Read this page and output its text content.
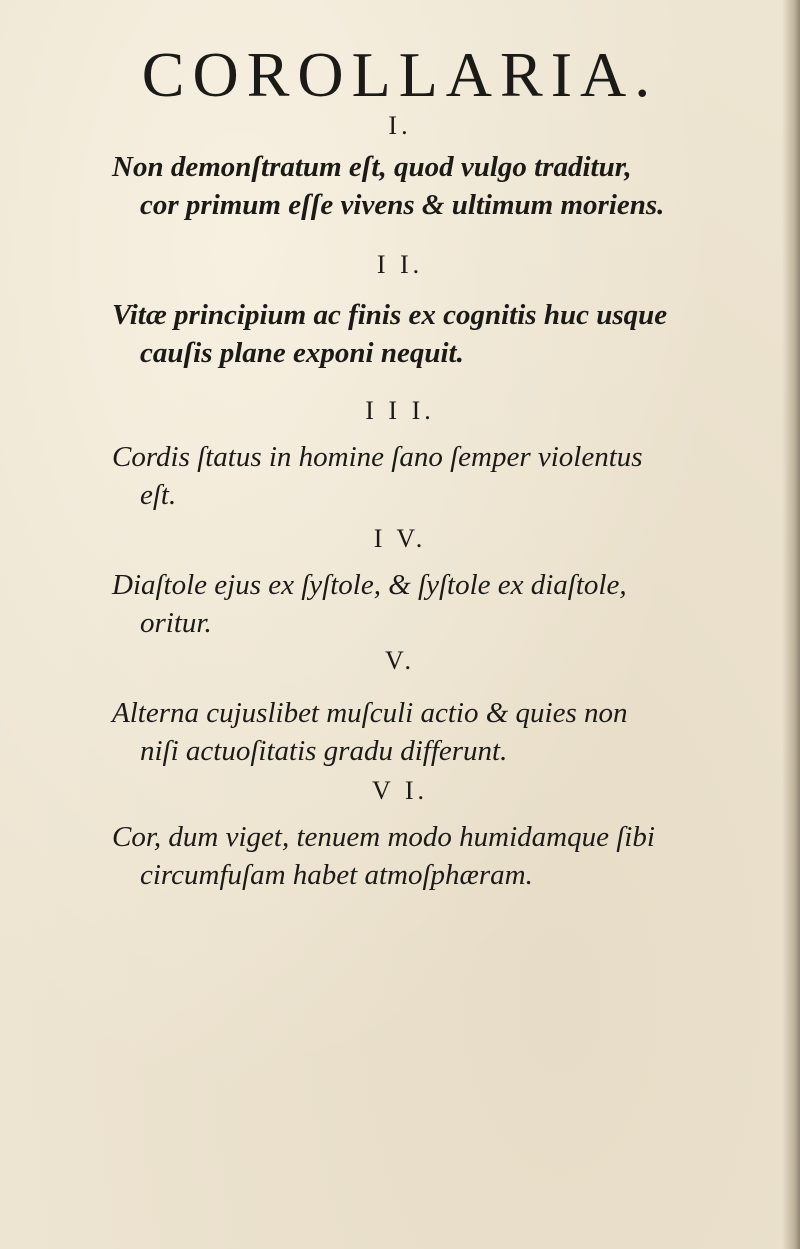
COROLLARIA.
I.

Non demonſtratum eſt, quod vulgo traditur,
cor primum eſſe vivens & ultimum moriens.

I I.

Vitæ principium ac finis ex cognitis huc usque
cauſis plane exponi nequit.

I I I.

Cordis ſtatus in homine ſano ſemper violentus
eſt.

I V.

Diaſtole ejus ex ſyſtole, & ſyſtole ex diaſtole,
oritur.

V.

Alterna cujuslibet muſculi actio & quies non
niſi actuoſitatis gradu differunt.

V I.

Cor, dum viget, tenuem modo humidamque ſibi
circumfuſam habet atmoſphæram.
